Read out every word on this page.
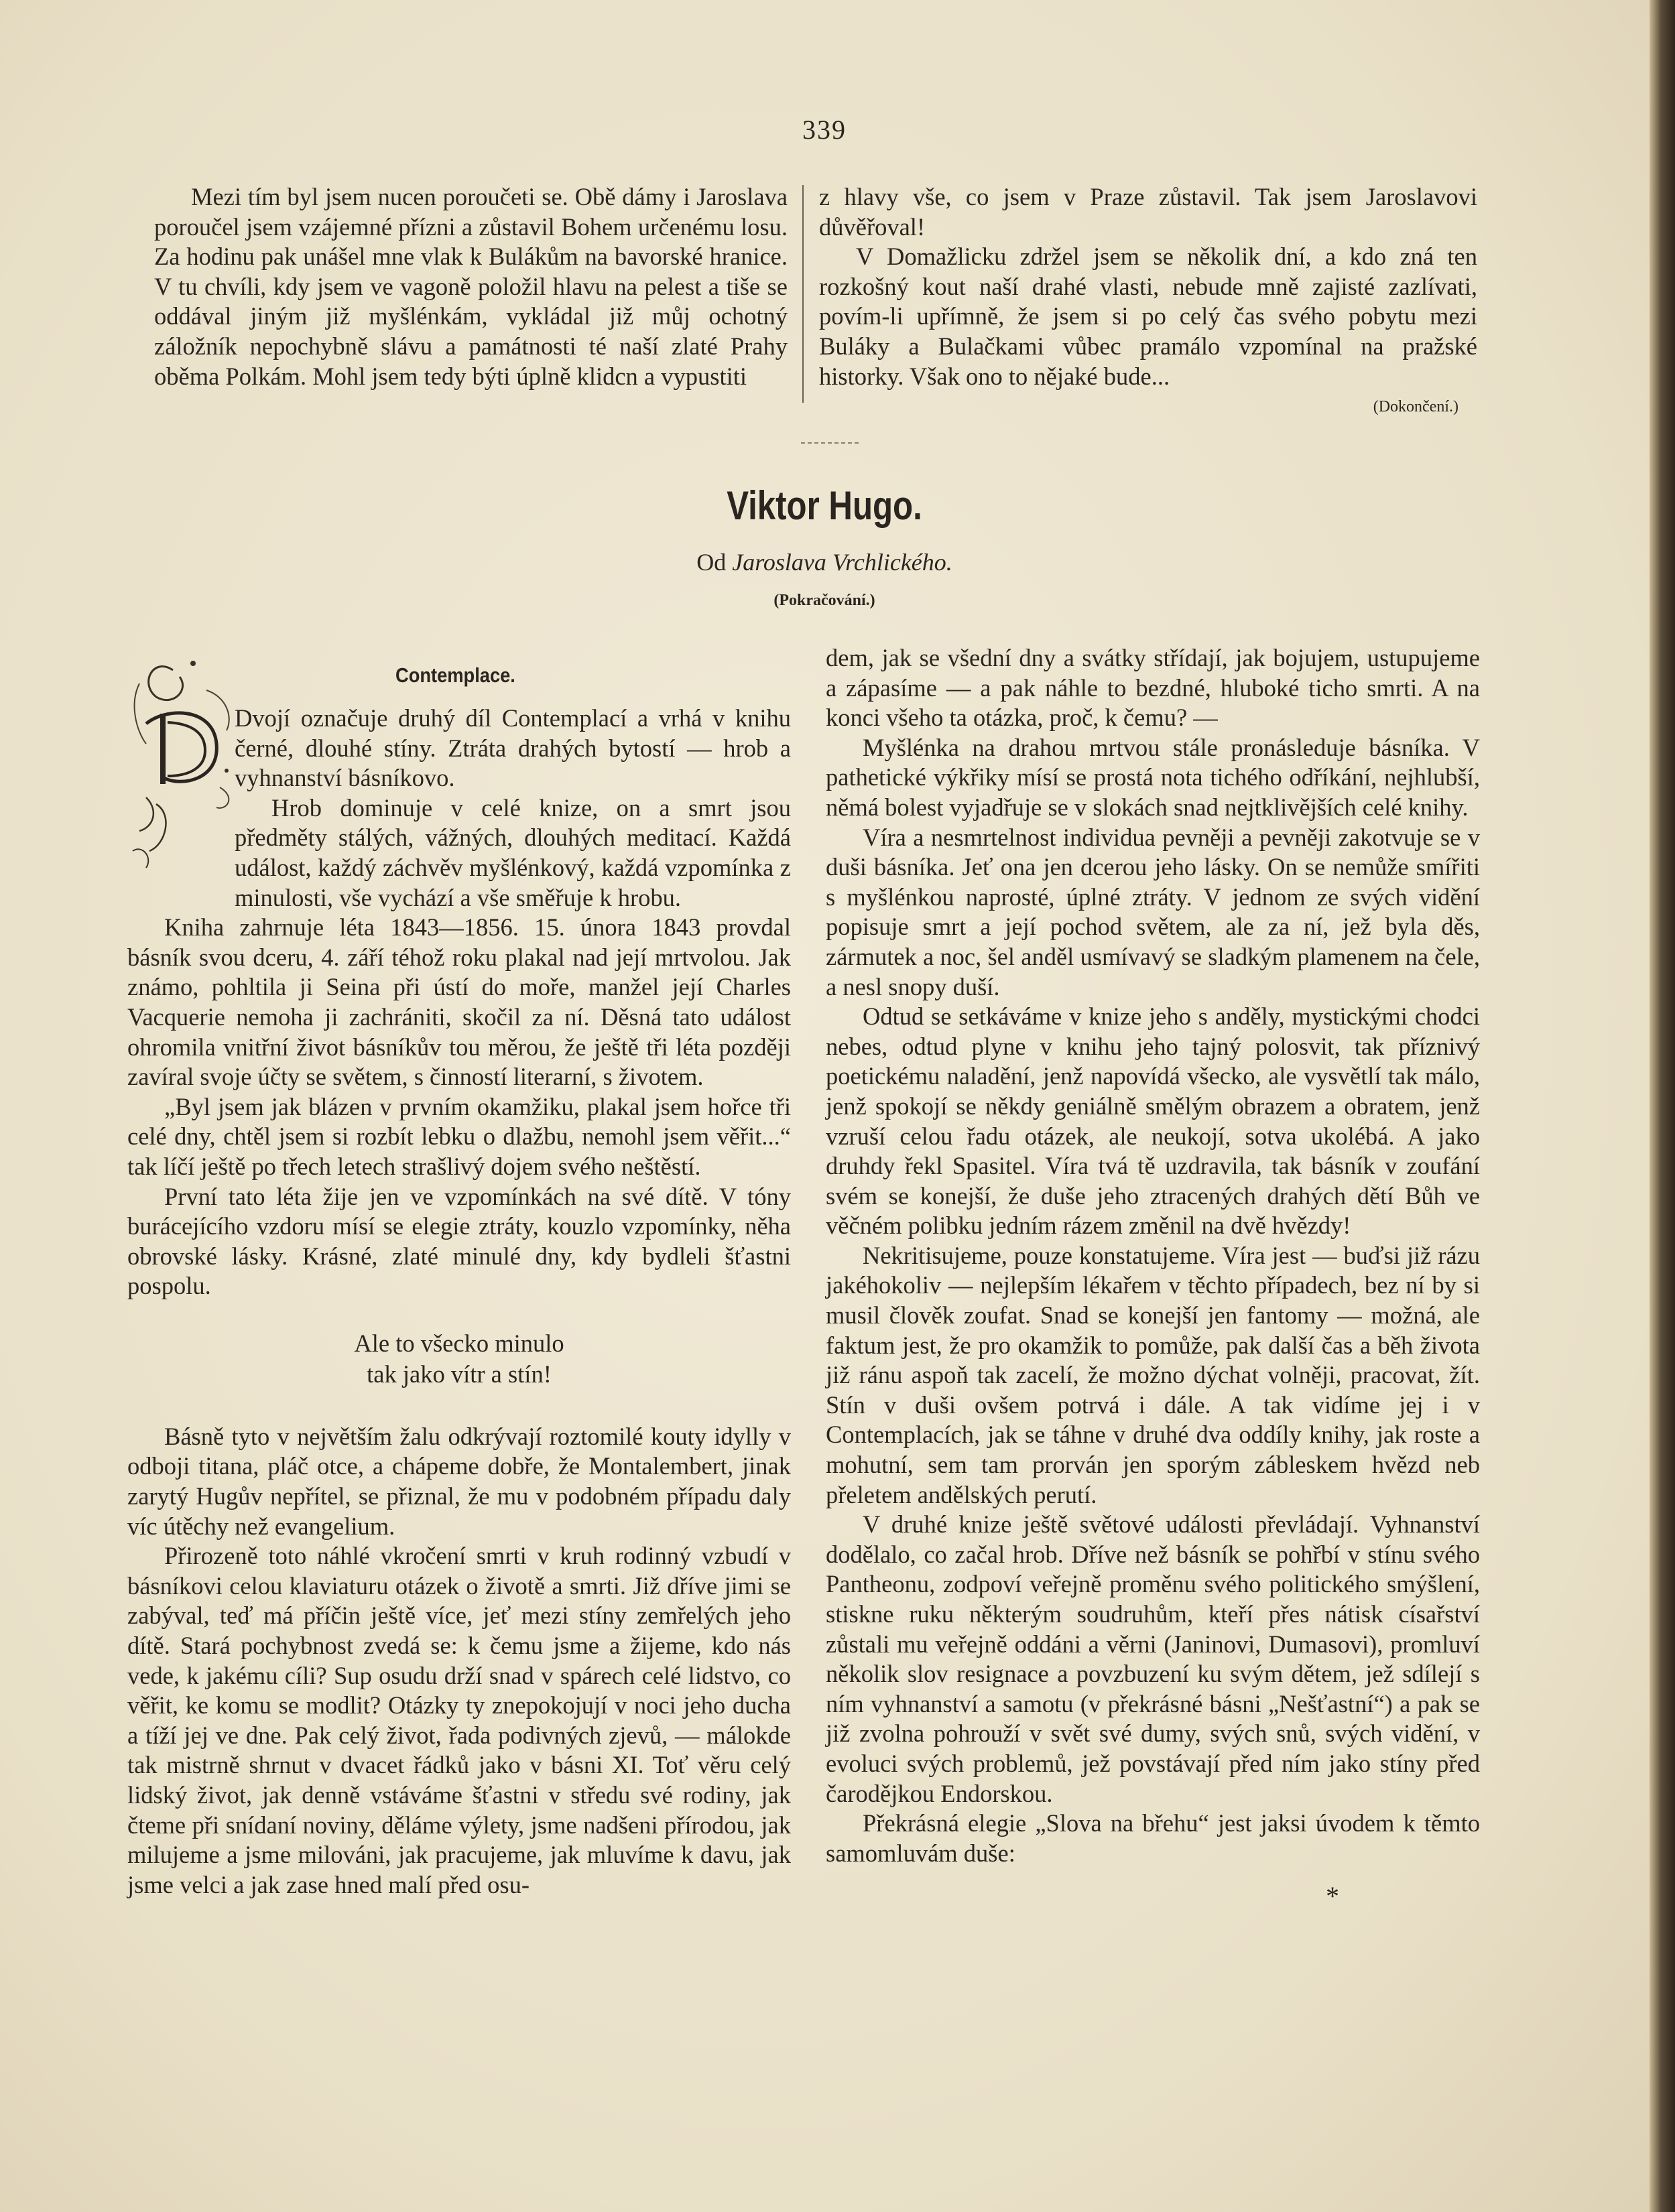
339

Mezi tím byl jsem nucen poroučeti se. Obě dámy i Jaroslava poroučel jsem vzájemné přízni a zůstavil Bohem určenému losu. Za hodinu pak unášel mne vlak k Bulákům na bavorské hranice. V tu chvíli, kdy jsem ve vagoně položil hlavu na pelest a tiše se oddával jiným již myšlénkám, vykládal již můj ochotný záložník nepochybně slávu a památnosti té naší zlaté Prahy oběma Polkám. Mohl jsem tedy býti úplně klidcn a vypustiti

z hlavy vše, co jsem v Praze zůstavil. Tak jsem Jaroslavovi důvěřoval!

V Domažlicku zdržel jsem se několik dní, a kdo zná ten rozkošný kout naší drahé vlasti, nebude mně zajisté zazlívati, povím-li upřímně, že jsem si po celý čas svého pobytu mezi Buláky a Bulačkami vůbec pramálo vzpomínal na pražské historky. Však ono to nějaké bude...

(Dokončení.)
Viktor Hugo.
Od Jaroslava Vrchlického.
(Pokračování.)
Contemplace.

Dvojí označuje druhý díl Contemplací a vrhá v knihu černé, dlouhé stíny. Ztráta drahých bytostí — hrob a vyhnanství básníkovo.

Hrob dominuje v celé knize, on a smrt jsou předměty stálých, vážných, dlouhých meditací. Každá událost, každý záchvěv myšlénkový, každá vzpomínka z minulosti, vše vychází a vše směřuje k hrobu.

Kniha zahrnuje léta 1843—1856. 15. února 1843 provdal básník svou dceru, 4. září téhož roku plakal nad její mrtvolou. Jak známo, pohltila ji Seina při ústí do moře, manžel její Charles Vacquerie nemoha ji zachrániti, skočil za ní. Děsná tato událost ohromila vnitřní život básníkův tou měrou, že ještě tři léta později zavíral svoje účty se světem, s činností literarní, s životem.

„Byl jsem jak blázen v prvním okamžiku, plakal jsem hořce tři celé dny, chtěl jsem si rozbít lebku o dlažbu, nemohl jsem věřit...“ tak líčí ještě po třech letech strašlivý dojem svého neštěstí.

První tato léta žije jen ve vzpomínkách na své dítě. V tóny burácejícího vzdoru mísí se elegie ztráty, kouzlo vzpomínky, něha obrovské lásky. Krásné, zlaté minulé dny, kdy bydleli šťastni pospolu.

Ale to všecko minulo
tak jako vítr a stín!

Básně tyto v největším žalu odkrývají roztomilé kouty idylly v odboji titana, pláč otce, a chápeme dobře, že Montalembert, jinak zarytý Hugův nepřítel, se přiznal, že mu v podobném případu daly víc útěchy než evangelium.

Přirozeně toto náhlé vkročení smrti v kruh rodinný vzbudí v básníkovi celou klaviaturu otázek o životě a smrti. Již dříve jimi se zabýval, teď má příčin ještě více, jeť mezi stíny zemřelých jeho dítě. Stará pochybnost zvedá se: k čemu jsme a žijeme, kdo nás vede, k jakému cíli? Sup osudu drží snad v spárech celé lidstvo, co věřit, ke komu se modlit? Otázky ty znepokojují v noci jeho ducha a tíží jej ve dne. Pak celý život, řada podivných zjevů, — málokde tak mistrně shrnut v dvacet řádků jako v básni XI. Toť věru celý lidský život, jak denně vstáváme šťastni v středu své rodiny, jak čteme při snídaní noviny, děláme výlety, jsme nadšeni přírodou, jak milujeme a jsme milováni, jak pracujeme, jak mluvíme k davu, jak jsme velci a jak zase hned malí před osu-

dem, jak se všední dny a svátky střídají, jak bojujem, ustupujeme a zápasíme — a pak náhle to bezdné, hluboké ticho smrti. A na konci všeho ta otázka, proč, k čemu? —

Myšlénka na drahou mrtvou stále pronásleduje básníka. V pathetické výkřiky mísí se prostá nota tichého odříkání, nejhlubší, němá bolest vyjadřuje se v slokách snad nejtklivějších celé knihy.

Víra a nesmrtelnost individua pevněji a pevněji zakotvuje se v duši básníka. Jeť ona jen dcerou jeho lásky. On se nemůže smířiti s myšlénkou naprosté, úplné ztráty. V jednom ze svých vidění popisuje smrt a její pochod světem, ale za ní, jež byla děs, zármutek a noc, šel anděl usmívavý se sladkým plamenem na čele, a nesl snopy duší.

Odtud se setkáváme v knize jeho s anděly, mystickými chodci nebes, odtud plyne v knihu jeho tajný polosvit, tak příznivý poetickému naladění, jenž napovídá všecko, ale vysvětlí tak málo, jenž spokojí se někdy geniálně smělým obrazem a obratem, jenž vzruší celou řadu otázek, ale neukojí, sotva ukolébá. A jako druhdy řekl Spasitel. Víra tvá tě uzdravila, tak básník v zoufání svém se konejší, že duše jeho ztracených drahých dětí Bůh ve věčném polibku jedním rázem změnil na dvě hvězdy!

Nekritisujeme, pouze konstatujeme. Víra jest — buďsi již rázu jakéhokoliv — nejlepším lékařem v těchto případech, bez ní by si musil člověk zoufat. Snad se konejší jen fantomy — možná, ale faktum jest, že pro okamžik to pomůže, pak další čas a běh života již ránu aspoň tak zacelí, že možno dýchat volněji, pracovat, žít. Stín v duši ovšem potrvá i dále. A tak vidíme jej i v Contemplacích, jak se táhne v druhé dva oddíly knihy, jak roste a mohutní, sem tam prorván jen sporým zábleskem hvězd neb přeletem andělských perutí.

V druhé knize ještě světové události převládají. Vyhnanství dodělalo, co začal hrob. Dříve než básník se pohřbí v stínu svého Pantheonu, zodpoví veřejně proměnu svého politického smýšlení, stiskne ruku některým soudruhům, kteří přes nátisk císařství zůstali mu veřejně oddáni a věrni (Janinovi, Dumasovi), promluví několik slov resignace a povzbuzení ku svým dětem, jež sdílejí s ním vyhnanství a samotu (v překrásné básni „Nešťastní“) a pak se již zvolna pohrouží v svět své dumy, svých snů, svých vidění, v evoluci svých problemů, jež povstávají před ním jako stíny před čarodějkou Endorskou.

Překrásná elegie „Slova na břehu“ jest jaksi úvodem k těmto samomluvám duše:

*
